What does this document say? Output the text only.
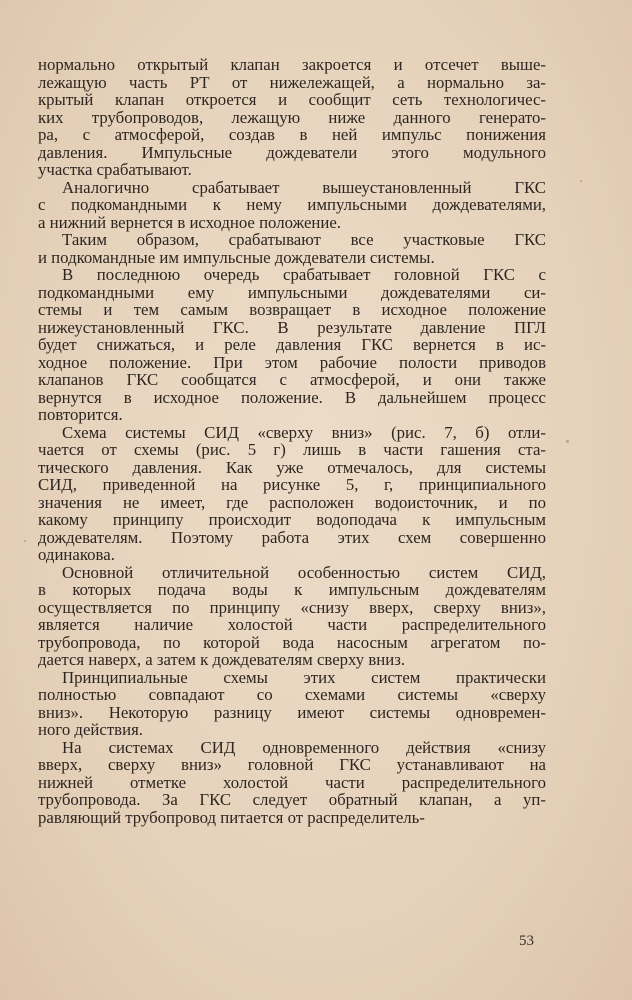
нормально открытый клапан закроется и отсечет выше-
лежащую часть РТ от нижележащей, а нормально за-
крытый клапан откроется и сообщит сеть технологичес-
ких трубопроводов, лежащую ниже данного генерато-
ра, с атмосферой, создав в ней импульс понижения
давления. Импульсные дождеватели этого модульного
участка срабатывают.
Аналогично срабатывает вышеустановленный ГКС
с подкомандными к нему импульсными дождевателями,
а нижний вернется в исходное положение.
Таким образом, срабатывают все участковые ГКС
и подкомандные им импульсные дождеватели системы.
В последнюю очередь срабатывает головной ГКС с
подкомандными ему импульсными дождевателями си-
стемы и тем самым возвращает в исходное положение
нижеустановленный ГКС. В результате давление ПГЛ
будет снижаться, и реле давления ГКС вернется в ис-
ходное положение. При этом рабочие полости приводов
клапанов ГКС сообщатся с атмосферой, и они также
вернутся в исходное положение. В дальнейшем процесс
повторится.
Схема системы СИД «сверху вниз» (рис. 7, б) отли-
чается от схемы (рис. 5 г) лишь в части гашения ста-
тического давления. Как уже отмечалось, для системы
СИД, приведенной на рисунке 5, г, принципиального
значения не имеет, где расположен водоисточник, и по
какому принципу происходит водоподача к импульсным
дождевателям. Поэтому работа этих схем совершенно
одинакова.
Основной отличительной особенностью систем СИД,
в которых подача воды к импульсным дождевателям
осуществляется по принципу «снизу вверх, сверху вниз»,
является наличие холостой части распределительного
трубопровода, по которой вода насосным агрегатом по-
дается наверх, а затем к дождевателям сверху вниз.
Принципиальные схемы этих систем практически
полностью совпадают со схемами системы «сверху
вниз». Некоторую разницу имеют системы одновремен-
ного действия.
На системах СИД одновременного действия «снизу
вверх, сверху вниз» головной ГКС устанавливают на
нижней отметке холостой части распределительного
трубопровода. За ГКС следует обратный клапан, а уп-
равляющий трубопровод питается от распределитель-
53
